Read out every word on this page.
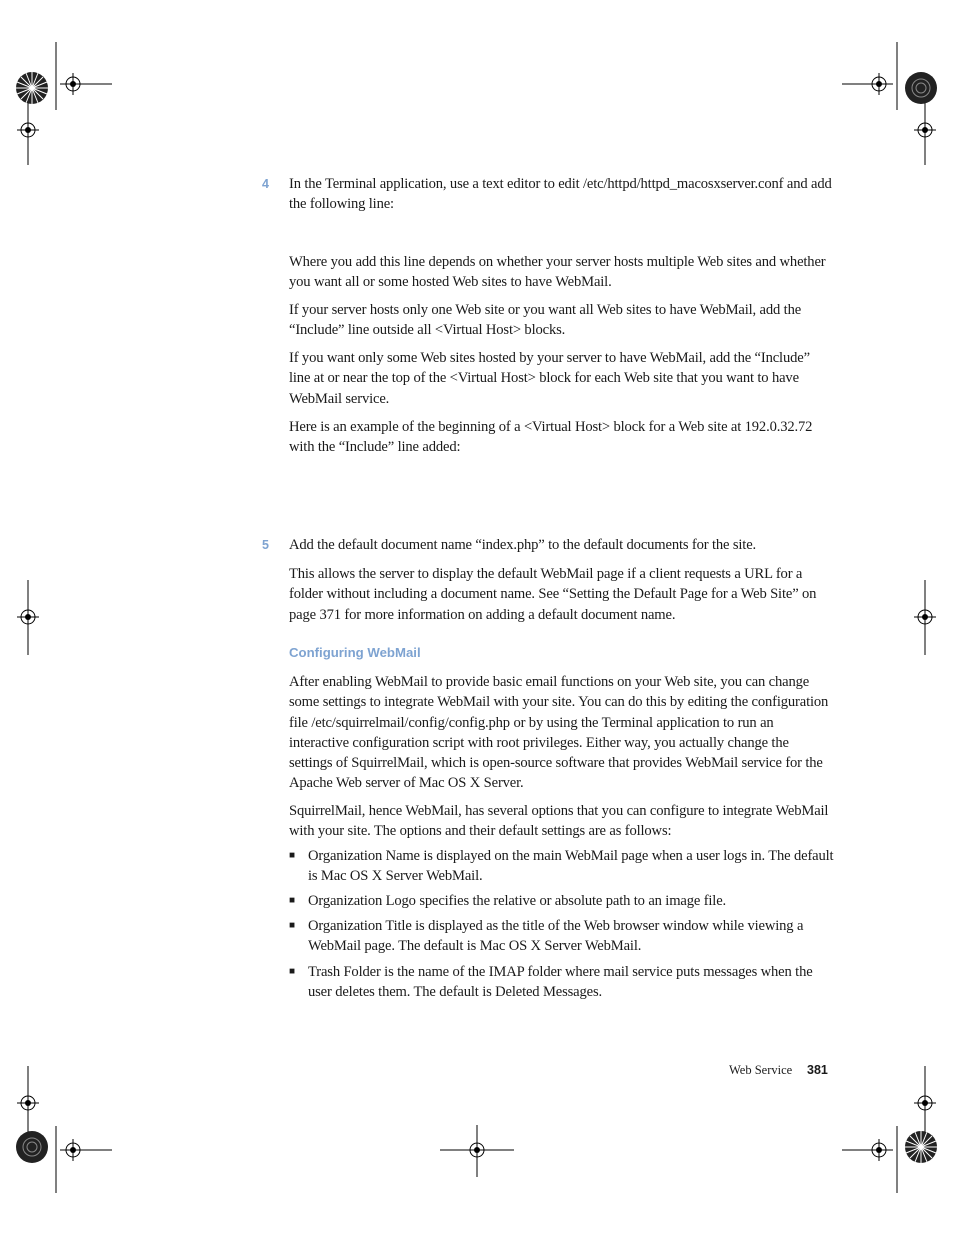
4 In the Terminal application, use a text editor to edit /etc/httpd/httpd_macosxserver.conf and add the following line:
Where you add this line depends on whether your server hosts multiple Web sites and whether you want all or some hosted Web sites to have WebMail.
If your server hosts only one Web site or you want all Web sites to have WebMail, add the “Include” line outside all <Virtual Host> blocks.
If you want only some Web sites hosted by your server to have WebMail, add the “Include” line at or near the top of the <Virtual Host> block for each Web site that you want to have WebMail service.
Here is an example of the beginning of a <Virtual Host> block for a Web site at 192.0.32.72 with the “Include” line added:
5 Add the default document name “index.php” to the default documents for the site.
This allows the server to display the default WebMail page if a client requests a URL for a folder without including a document name. See “Setting the Default Page for a Web Site” on page 371 for more information on adding a default document name.
Configuring WebMail
After enabling WebMail to provide basic email functions on your Web site, you can change some settings to integrate WebMail with your site. You can do this by editing the configuration file /etc/squirrelmail/config/config.php or by using the Terminal application to run an interactive configuration script with root privileges. Either way, you actually change the settings of SquirrelMail, which is open-source software that provides WebMail service for the Apache Web server of Mac OS X Server.
SquirrelMail, hence WebMail, has several options that you can configure to integrate WebMail with your site. The options and their default settings are as follows:
■ Organization Name is displayed on the main WebMail page when a user logs in. The default is Mac OS X Server WebMail.
■ Organization Logo specifies the relative or absolute path to an image file.
■ Organization Title is displayed as the title of the Web browser window while viewing a WebMail page. The default is Mac OS X Server WebMail.
■ Trash Folder is the name of the IMAP folder where mail service puts messages when the user deletes them. The default is Deleted Messages.
Web Service 381
